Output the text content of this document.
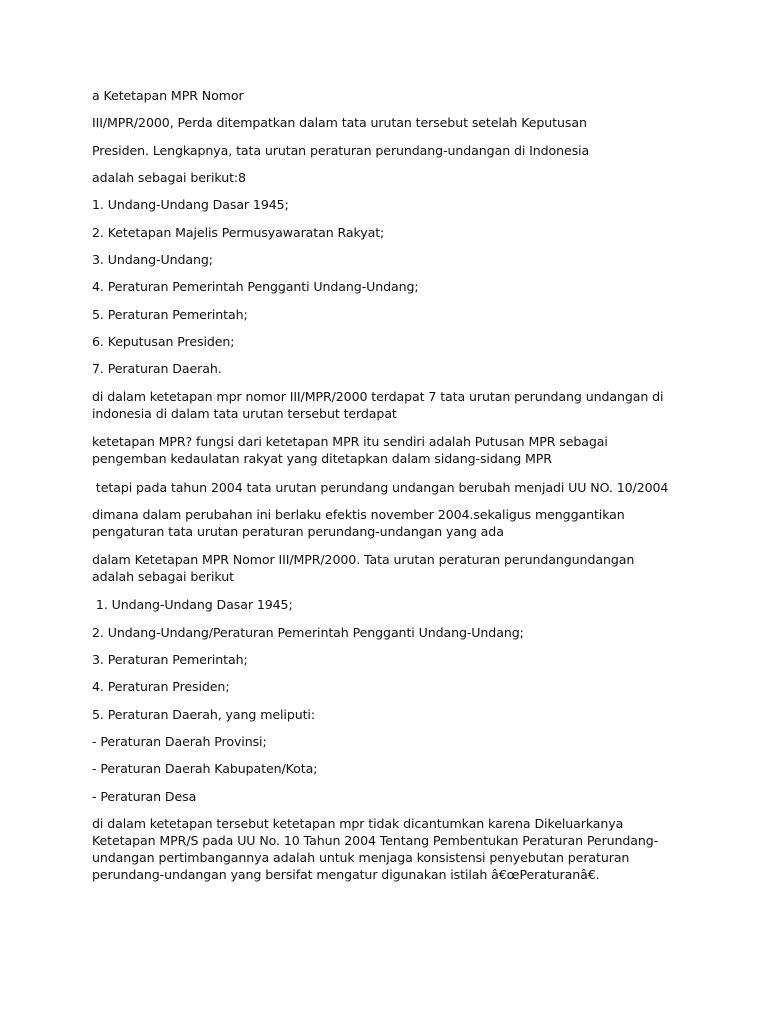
a Ketetapan MPR Nomor
III/MPR/2000, Perda ditempatkan dalam tata urutan tersebut setelah Keputusan
Presiden. Lengkapnya, tata urutan peraturan perundang-undangan di Indonesia
adalah sebagai berikut:8
1. Undang-Undang Dasar 1945;
2. Ketetapan Majelis Permusyawaratan Rakyat;
3. Undang-Undang;
4. Peraturan Pemerintah Pengganti Undang-Undang;
5. Peraturan Pemerintah;
6. Keputusan Presiden;
7. Peraturan Daerah.
di dalam ketetapan mpr nomor III/MPR/2000 terdapat 7 tata urutan perundang undangan di indonesia di dalam tata urutan tersebut terdapat
ketetapan MPR? fungsi dari ketetapan MPR itu sendiri adalah Putusan MPR sebagai pengemban kedaulatan rakyat yang ditetapkan dalam sidang-sidang MPR
tetapi pada tahun 2004 tata urutan perundang undangan berubah menjadi UU NO. 10/2004
dimana dalam perubahan ini berlaku efektis november 2004.sekaligus menggantikan pengaturan tata urutan peraturan perundang-undangan yang ada
dalam Ketetapan MPR Nomor III/MPR/2000. Tata urutan peraturan perundangundangan adalah sebagai berikut
1. Undang-Undang Dasar 1945;
2. Undang-Undang/Peraturan Pemerintah Pengganti Undang-Undang;
3. Peraturan Pemerintah;
4. Peraturan Presiden;
5. Peraturan Daerah, yang meliputi:
- Peraturan Daerah Provinsi;
- Peraturan Daerah Kabupaten/Kota;
- Peraturan Desa
di dalam ketetapan tersebut ketetapan mpr tidak dicantumkan karena Dikeluarkanya Ketetapan MPR/S pada UU No. 10 Tahun 2004 Tentang Pembentukan Peraturan Perundang-undangan pertimbangannya adalah untuk menjaga konsistensi penyebutan peraturan perundang-undangan yang bersifat mengatur digunakan istilah â€œPeraturanâ€.
